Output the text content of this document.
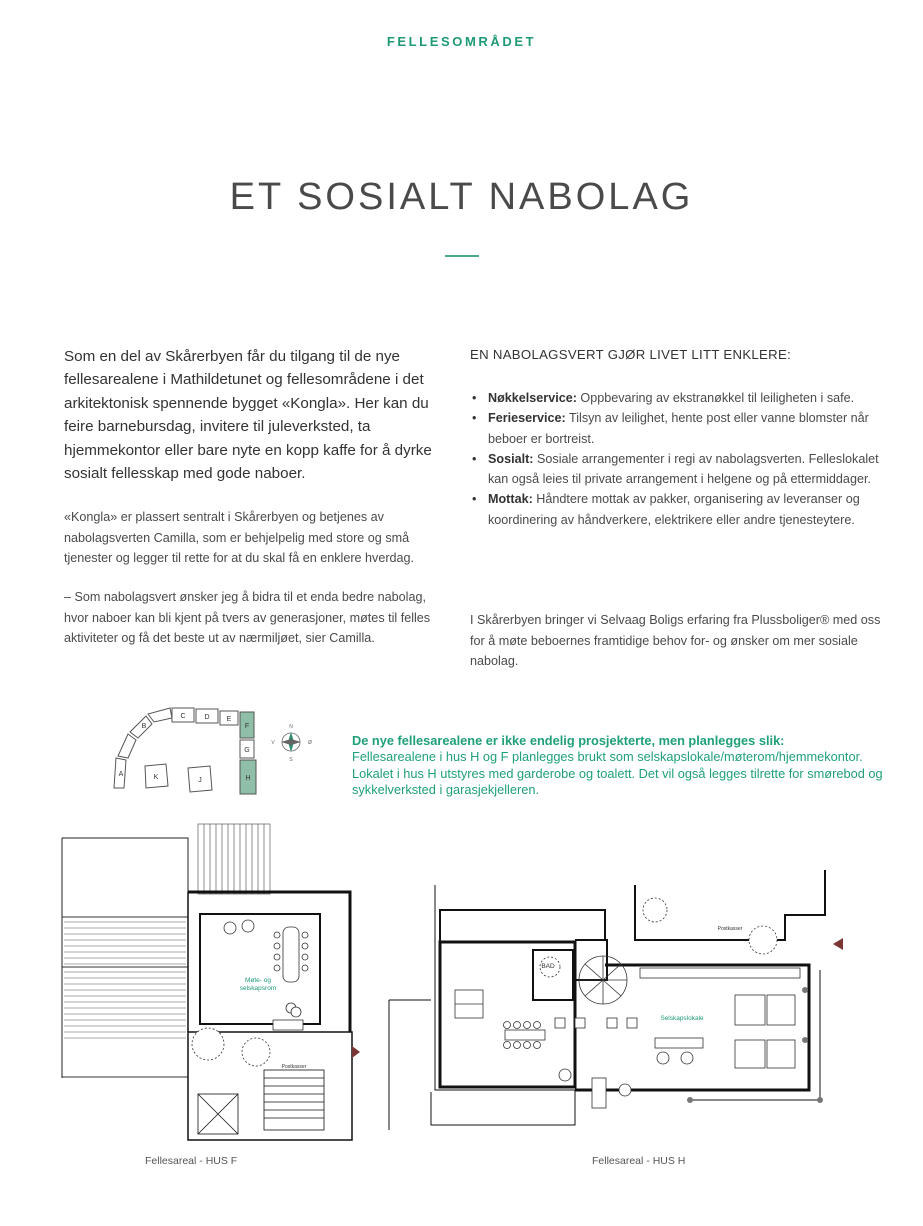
FELLESOMRÅDET
ET SOSIALT NABOLAG
Som en del av Skårerbyen får du tilgang til de nye fellesarealene i Mathildetunet og fellesområdene i det arkitektonisk spennende bygget «Kongla». Her kan du feire barnebursdag, invitere til juleverksted, ta hjemmekontor eller bare nyte en kopp kaffe for å dyrke sosialt fellesskap med gode naboer.
«Kongla» er plassert sentralt i Skårerbyen og betjenes av nabolagsverten Camilla, som er behjelpelig med store og små tjenester og legger til rette for at du skal få en enklere hverdag.
– Som nabolagsvert ønsker jeg å bidra til et enda bedre nabolag, hvor naboer kan bli kjent på tvers av generasjoner, møtes til felles aktiviteter og få det beste ut av nærmiljøet, sier Camilla.
EN NABOLAGSVERT GJØR LIVET LITT ENKLERE:
• Nøkkelservice: Oppbevaring av ekstranøkkel til leiligheten i safe.
• Ferieservice: Tilsyn av leilighet, hente post eller vanne blomster når beboer er bortreist.
• Sosialt: Sosiale arrangementer i regi av nabolagsverten. Felleslokalet kan også leies til private arrangement i helgene og på ettermiddager.
• Mottak: Håndtere mottak av pakker, organisering av leveranser og koordinering av håndverkere, elektrikere eller andre tjenesteytere.
I Skårerbyen bringer vi Selvaag Boligs erfaring fra Plussboliger® med oss for å møte beboernes framtidige behov for- og ønsker om mer sosiale nabolag.
A
B
C	D E
F
G
H
K	J
N
S
Ø
V	De nye fellesarealene er ikke endelig prosjekterte, men planlegges slik:
Fellesarealene i hus H og F planlegges brukt som selskapslokale/møterom/hjemmekontor. Lokalet i hus H utstyres med garderobe og toalett. Det vil også legges tilrette for smørebod og sykkelverksted i garasjekjelleren.
Møte- og
selskapsrom
Postkasser
Fellesareal - HUS F
BAD
Selskapslokale
Postkasser
Fellesareal - HUS H
